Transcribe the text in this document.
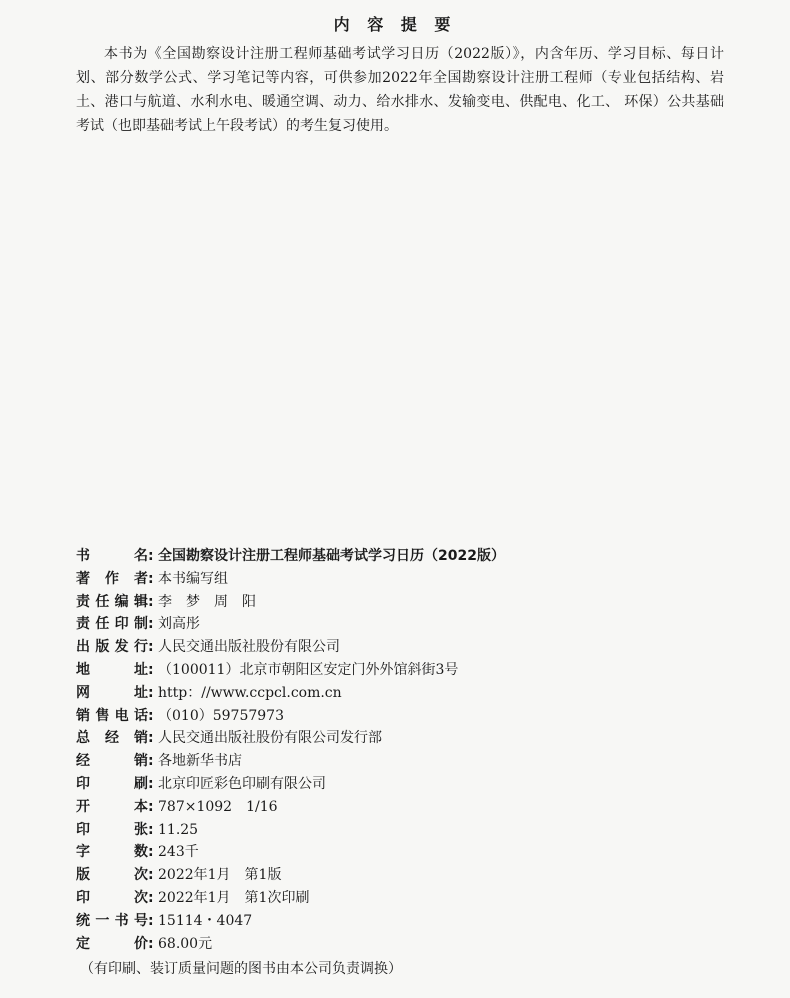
内 容 提 要

本书为《全国勘察设计注册工程师基础考试学习日历（2022版）》，内含年历、学习目标、每日计划、部分数学公式、学习笔记等内容，可供参加2022年全国勘察设计注册工程师（专业包括结构、岩土、港口与航道、水利水电、暖通空调、动力、给水排水、发输变电、供配电、化工、 环保）公共基础考试（也即基础考试上午段考试）的考生复习使用。

书名 : 全国勘察设计注册工程师基础考试学习日历（2022版）
著作者 : 本书编写组
责任编辑 : 李　梦　周　阳
责任印制 : 刘高彤
出版发行 : 人民交通出版社股份有限公司
地址 : （100011）北京市朝阳区安定门外外馆斜街3号
网址 : http：//www.ccpcl.com.cn
销售电话 : （010）59757973
总经销 : 人民交通出版社股份有限公司发行部
经销 : 各地新华书店
印刷 : 北京印匠彩色印刷有限公司
开本 : 787×1092　1/16
印张 : 11.25
字数 : 243千
版次 : 2022年1月　第1版
印次 : 2022年1月　第1次印刷
统一书号 : 15114・4047
定价 : 68.00元
（有印刷、装订质量问题的图书由本公司负责调换）
